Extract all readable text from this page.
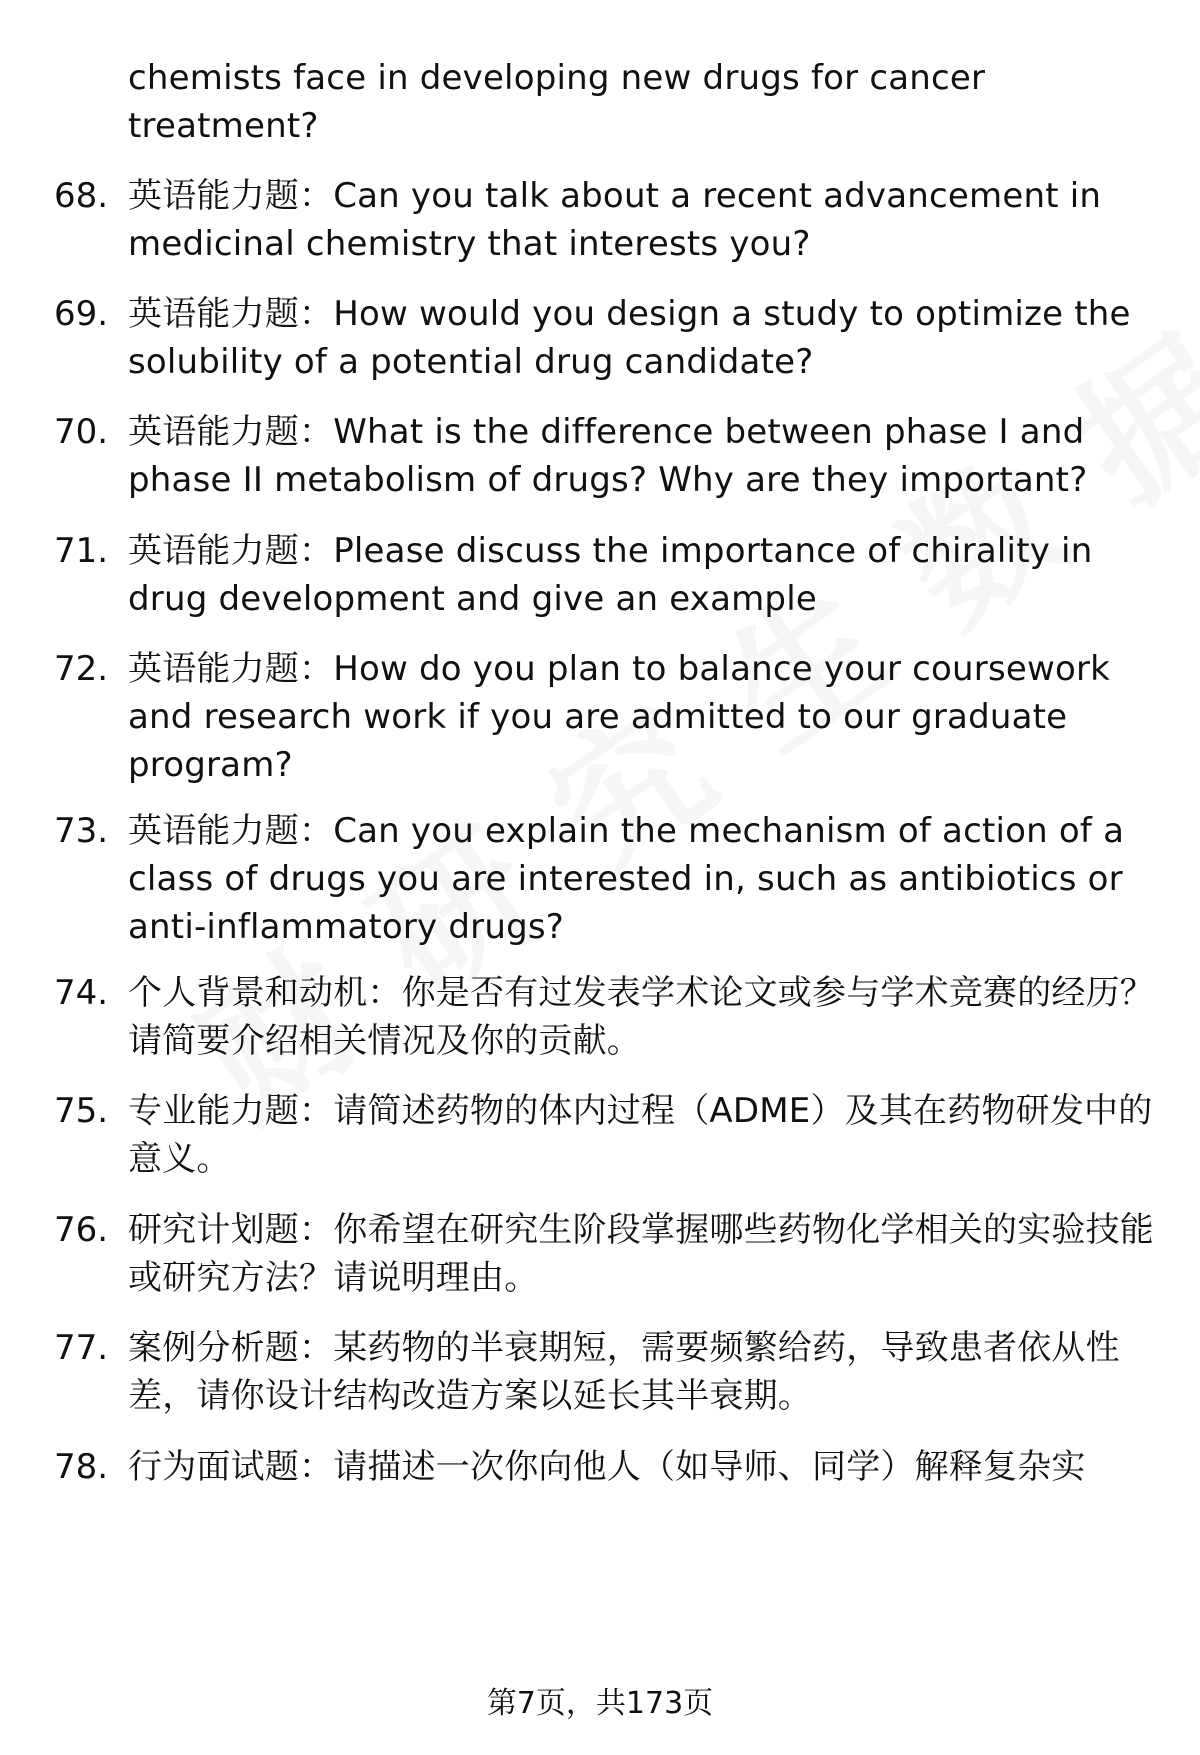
chemists face in developing new drugs for cancer treatment?
68. 英语能力题：Can you talk about a recent advancement in medicinal chemistry that interests you?
69. 英语能力题：How would you design a study to optimize the solubility of a potential drug candidate?
70. 英语能力题：What is the difference between phase I and phase II metabolism of drugs? Why are they important?
71. 英语能力题：Please discuss the importance of chirality in drug development and give an example
72. 英语能力题：How do you plan to balance your coursework and research work if you are admitted to our graduate program?
73. 英语能力题：Can you explain the mechanism of action of a class of drugs you are interested in, such as antibiotics or anti-inflammatory drugs?
74. 个人背景和动机：你是否有过发表学术论文或参与学术竞赛的经历？请简要介绍相关情况及你的贡献。
75. 专业能力题：请简述药物的体内过程（ADME）及其在药物研发中的意义。
76. 研究计划题：你希望在研究生阶段掌握哪些药物化学相关的实验技能或研究方法？请说明理由。
77. 案例分析题：某药物的半衰期短，需要频繁给药，导致患者依从性差，请你设计结构改造方案以延长其半衰期。
78. 行为面试题：请描述一次你向他人（如导师、同学）解释复杂实
第7页，共173页
